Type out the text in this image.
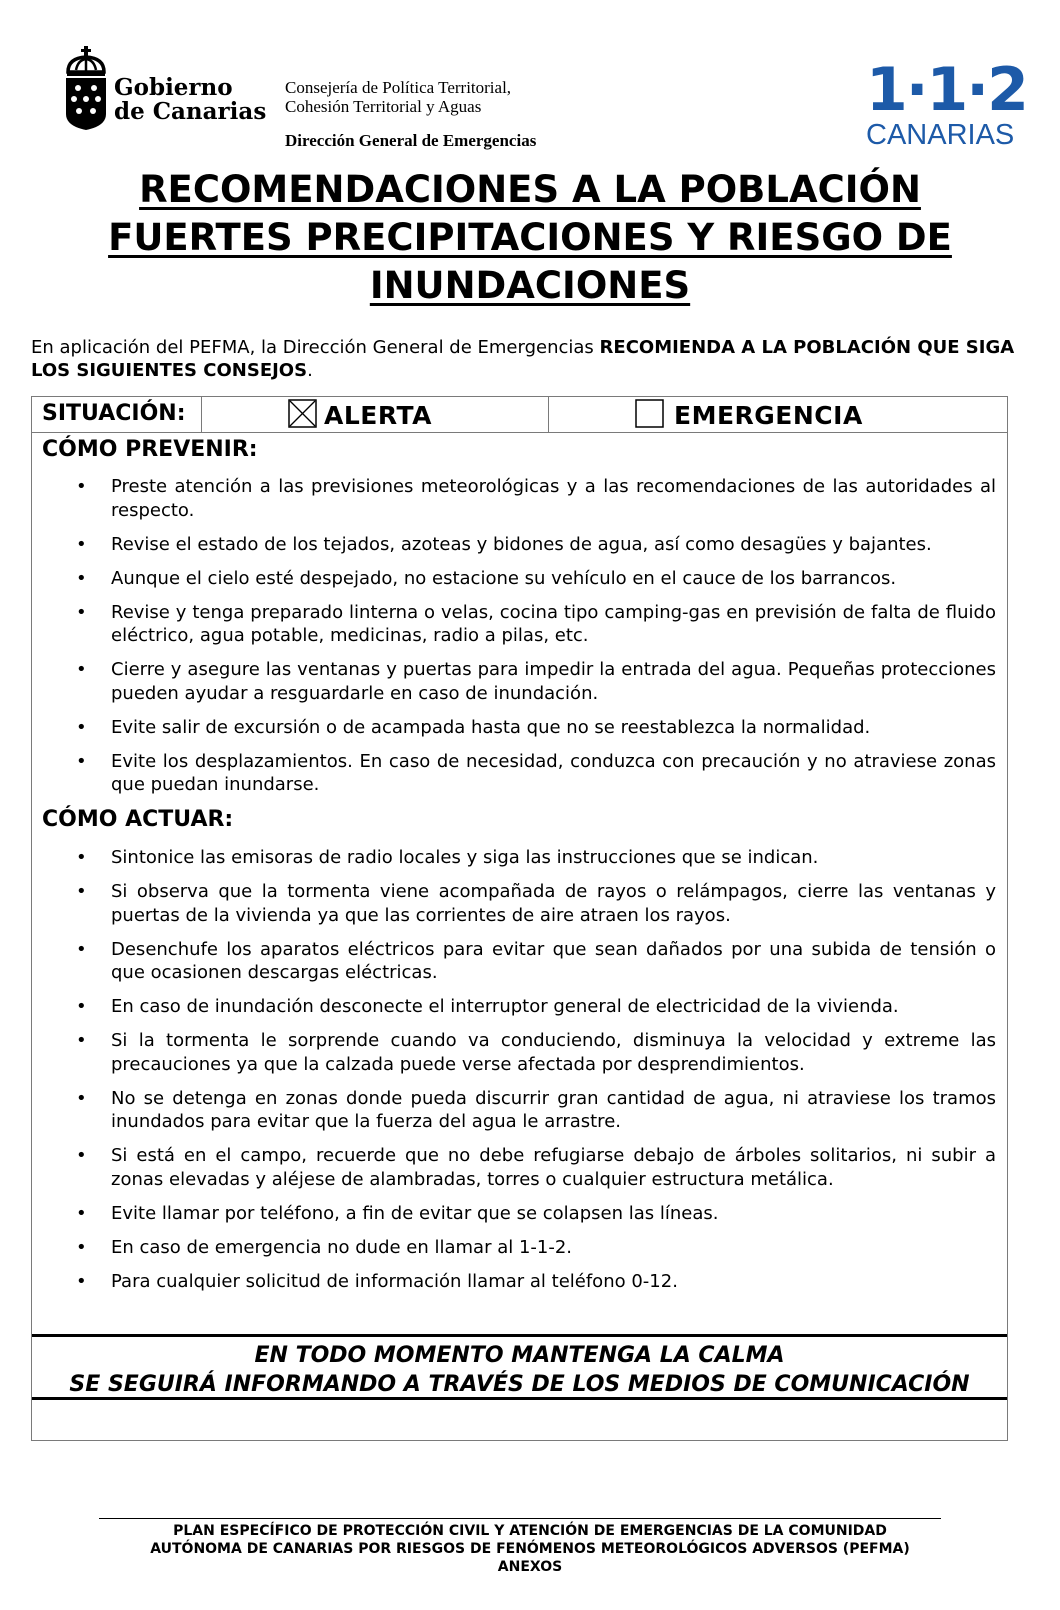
Gobierno
de Canarias
Consejería de Política Territorial,
Cohesión Territorial y Aguas
Dirección General de Emergencias
1·1·2
CANARIAS
RECOMENDACIONES A LA POBLACIÓN
FUERTES PRECIPITACIONES Y RIESGO DE
INUNDACIONES
En aplicación del PEFMA, la Dirección General de Emergencias RECOMIENDA A LA POBLACIÓN QUE SIGA LOS SIGUIENTES CONSEJOS.
SITUACIÓN:	ALERTA	EMERGENCIA
CÓMO PREVENIR:
• Preste atención a las previsiones meteorológicas y a las recomendaciones de las autoridades al respecto.
• Revise el estado de los tejados, azoteas y bidones de agua, así como desagües y bajantes.
• Aunque el cielo esté despejado, no estacione su vehículo en el cauce de los barrancos.
• Revise y tenga preparado linterna o velas, cocina tipo camping-gas en previsión de falta de fluido eléctrico, agua potable, medicinas, radio a pilas, etc.
• Cierre y asegure las ventanas y puertas para impedir la entrada del agua. Pequeñas protecciones pueden ayudar a resguardarle en caso de inundación.
• Evite salir de excursión o de acampada hasta que no se reestablezca la normalidad.
• Evite los desplazamientos. En caso de necesidad, conduzca con precaución y no atraviese zonas que puedan inundarse.
CÓMO ACTUAR:
• Sintonice las emisoras de radio locales y siga las instrucciones que se indican.
• Si observa que la tormenta viene acompañada de rayos o relámpagos, cierre las ventanas y puertas de la vivienda ya que las corrientes de aire atraen los rayos.
• Desenchufe los aparatos eléctricos para evitar que sean dañados por una subida de tensión o que ocasionen descargas eléctricas.
• En caso de inundación desconecte el interruptor general de electricidad de la vivienda.
• Si la tormenta le sorprende cuando va conduciendo, disminuya la velocidad y extreme las precauciones ya que la calzada puede verse afectada por desprendimientos.
• No se detenga en zonas donde pueda discurrir gran cantidad de agua, ni atraviese los tramos inundados para evitar que la fuerza del agua le arrastre.
• Si está en el campo, recuerde que no debe refugiarse debajo de árboles solitarios, ni subir a zonas elevadas y aléjese de alambradas, torres o cualquier estructura metálica.
• Evite llamar por teléfono, a fin de evitar que se colapsen las líneas.
• En caso de emergencia no dude en llamar al 1-1-2.
• Para cualquier solicitud de información llamar al teléfono 0-12.
EN TODO MOMENTO MANTENGA LA CALMA
SE SEGUIRÁ INFORMANDO A TRAVÉS DE LOS MEDIOS DE COMUNICACIÓN
PLAN ESPECÍFICO DE PROTECCIÓN CIVIL Y ATENCIÓN DE EMERGENCIAS DE LA COMUNIDAD
AUTÓNOMA DE CANARIAS POR RIESGOS DE FENÓMENOS METEOROLÓGICOS ADVERSOS (PEFMA)
ANEXOS
